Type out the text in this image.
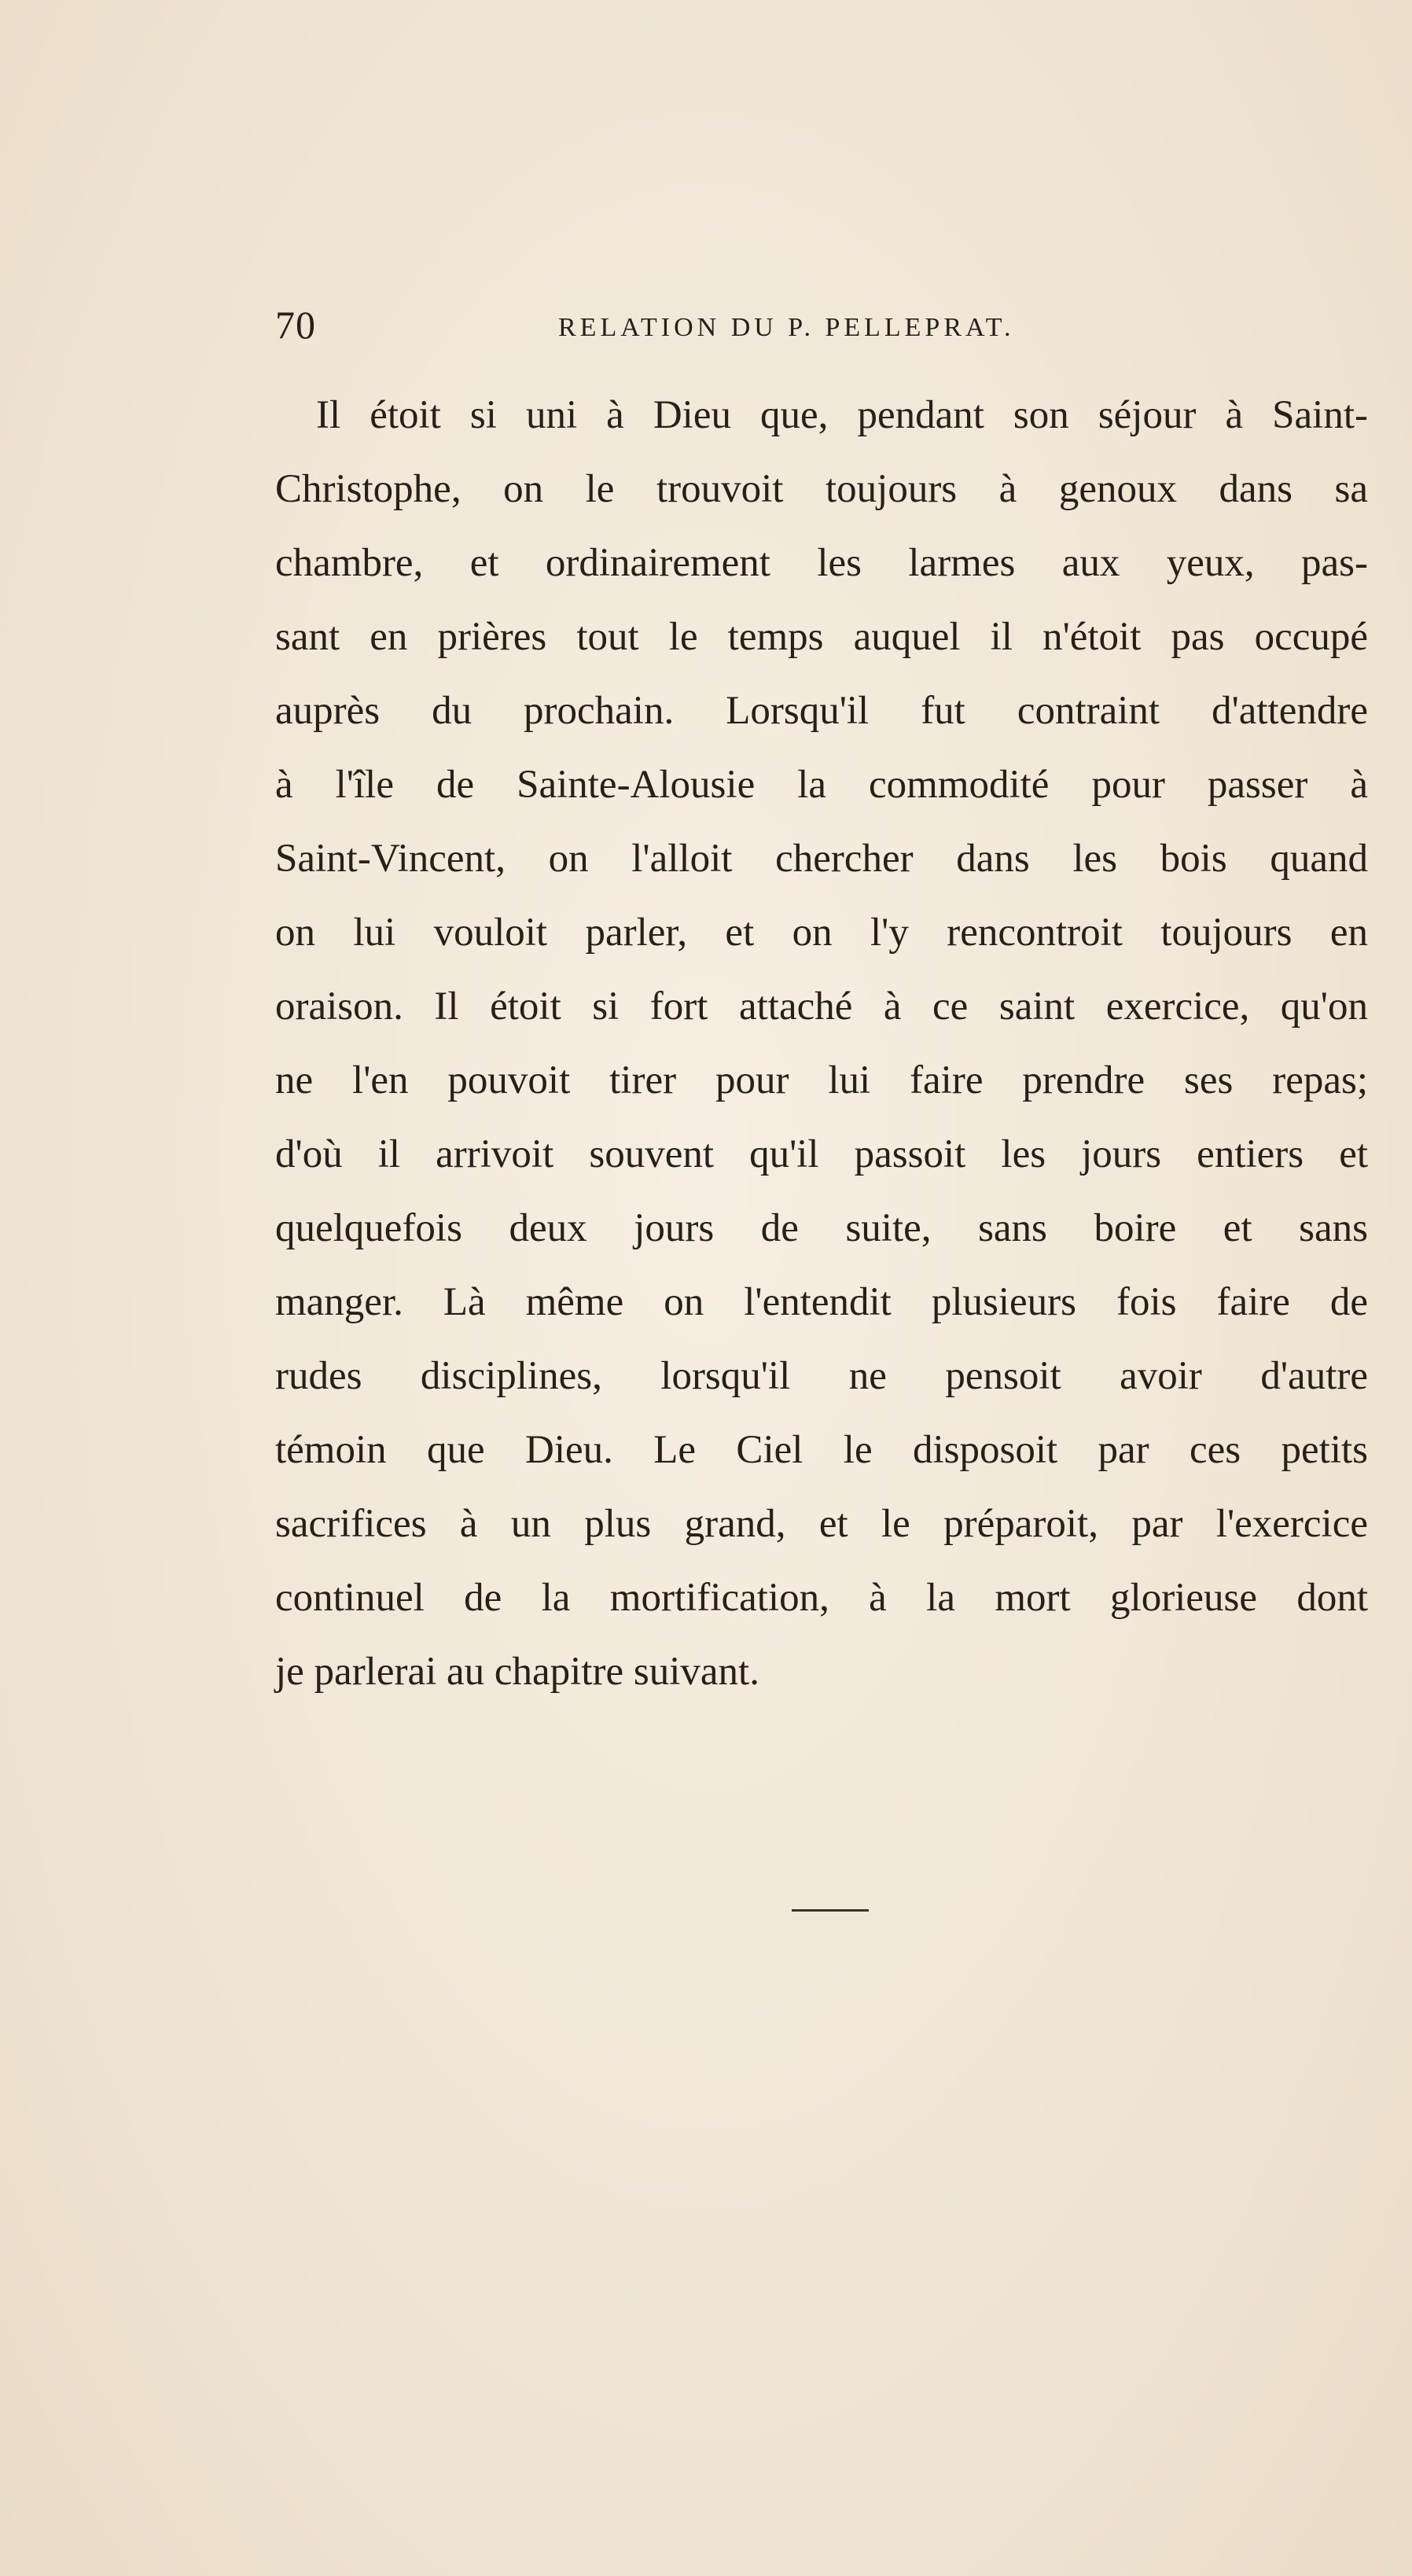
70	RELATION DU P. PELLEPRAT.
Il étoit si uni à Dieu que, pendant son séjour à Saint-
Christophe, on le trouvoit toujours à genoux dans sa
chambre, et ordinairement les larmes aux yeux, pas-
sant en prières tout le temps auquel il n'étoit pas occupé
auprès du prochain. Lorsqu'il fut contraint d'attendre
à l'île de Sainte-Alousie la commodité pour passer à
Saint-Vincent, on l'alloit chercher dans les bois quand
on lui vouloit parler, et on l'y rencontroit toujours en
oraison. Il étoit si fort attaché à ce saint exercice, qu'on
ne l'en pouvoit tirer pour lui faire prendre ses repas;
d'où il arrivoit souvent qu'il passoit les jours entiers et
quelquefois deux jours de suite, sans boire et sans
manger. Là même on l'entendit plusieurs fois faire de
rudes disciplines, lorsqu'il ne pensoit avoir d'autre
témoin que Dieu. Le Ciel le disposoit par ces petits
sacrifices à un plus grand, et le préparoit, par l'exercice
continuel de la mortification, à la mort glorieuse dont
je parlerai au chapitre suivant.
